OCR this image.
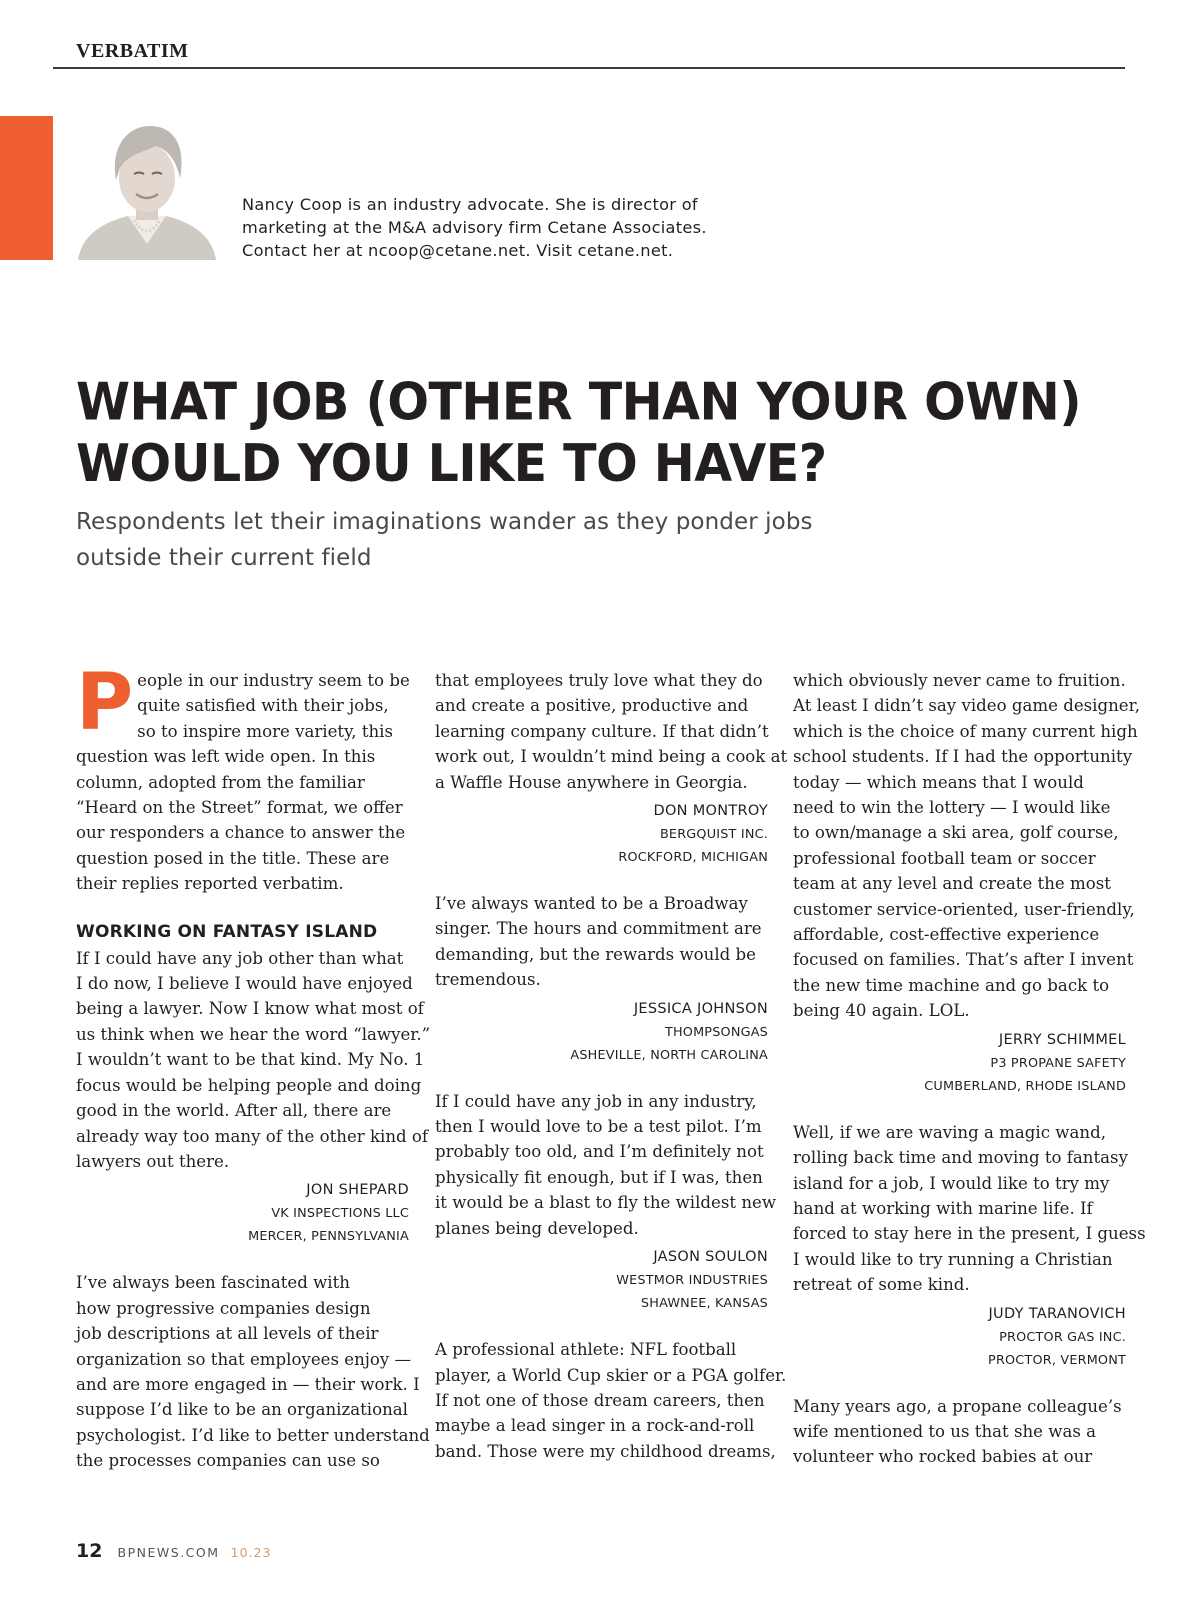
VERBATIM
Nancy Coop is an industry advocate. She is director of
marketing at the M&A advisory firm Cetane Associates.
Contact her at ncoop@cetane.net. Visit cetane.net.
WHAT JOB (OTHER THAN YOUR OWN)
WOULD YOU LIKE TO HAVE?
Respondents let their imaginations wander as they ponder jobs
outside their current field

P eople in our industry seem to be
quite satisfied with their jobs,
so to inspire more variety, this
question was left wide open. In this
column, adopted from the familiar
“Heard on the Street” format, we offer
our responders a chance to answer the
question posed in the title. These are
their replies reported verbatim.

WORKING ON FANTASY ISLAND

If I could have any job other than what
I do now, I believe I would have enjoyed
being a lawyer. Now I know what most of
us think when we hear the word “lawyer.”
I wouldn’t want to be that kind. My No. 1
focus would be helping people and doing
good in the world. After all, there are
already way too many of the other kind of
lawyers out there.

JON SHEPARD
VK INSPECTIONS LLC
MERCER, PENNSYLVANIA

I’ve always been fascinated with
how progressive companies design
job descriptions at all levels of their
organization so that employees enjoy —
and are more engaged in — their work. I
suppose I’d like to be an organizational
psychologist. I’d like to better understand
the processes companies can use so

that employees truly love what they do
and create a positive, productive and
learning company culture. If that didn’t
work out, I wouldn’t mind being a cook at
a Waffle House anywhere in Georgia.

DON MONTROY
BERGQUIST INC.
ROCKFORD, MICHIGAN

I’ve always wanted to be a Broadway
singer. The hours and commitment are
demanding, but the rewards would be
tremendous.

JESSICA JOHNSON
THOMPSONGAS
ASHEVILLE, NORTH CAROLINA

If I could have any job in any industry,
then I would love to be a test pilot. I’m
probably too old, and I’m definitely not
physically fit enough, but if I was, then
it would be a blast to fly the wildest new
planes being developed.

JASON SOULON
WESTMOR INDUSTRIES
SHAWNEE, KANSAS

A professional athlete: NFL football
player, a World Cup skier or a PGA golfer.
If not one of those dream careers, then
maybe a lead singer in a rock-and-roll
band. Those were my childhood dreams,

which obviously never came to fruition.
At least I didn’t say video game designer,
which is the choice of many current high
school students. If I had the opportunity
today — which means that I would
need to win the lottery — I would like
to own/manage a ski area, golf course,
professional football team or soccer
team at any level and create the most
customer service-oriented, user-friendly,
affordable, cost-effective experience
focused on families. That’s after I invent
the new time machine and go back to
being 40 again. LOL.

JERRY SCHIMMEL
P3 PROPANE SAFETY
CUMBERLAND, RHODE ISLAND

Well, if we are waving a magic wand,
rolling back time and moving to fantasy
island for a job, I would like to try my
hand at working with marine life. If
forced to stay here in the present, I guess
I would like to try running a Christian
retreat of some kind.

JUDY TARANOVICH
PROCTOR GAS INC.
PROCTOR, VERMONT

Many years ago, a propane colleague’s
wife mentioned to us that she was a
volunteer who rocked babies at our

12 BPNEWS.COM 10.23
